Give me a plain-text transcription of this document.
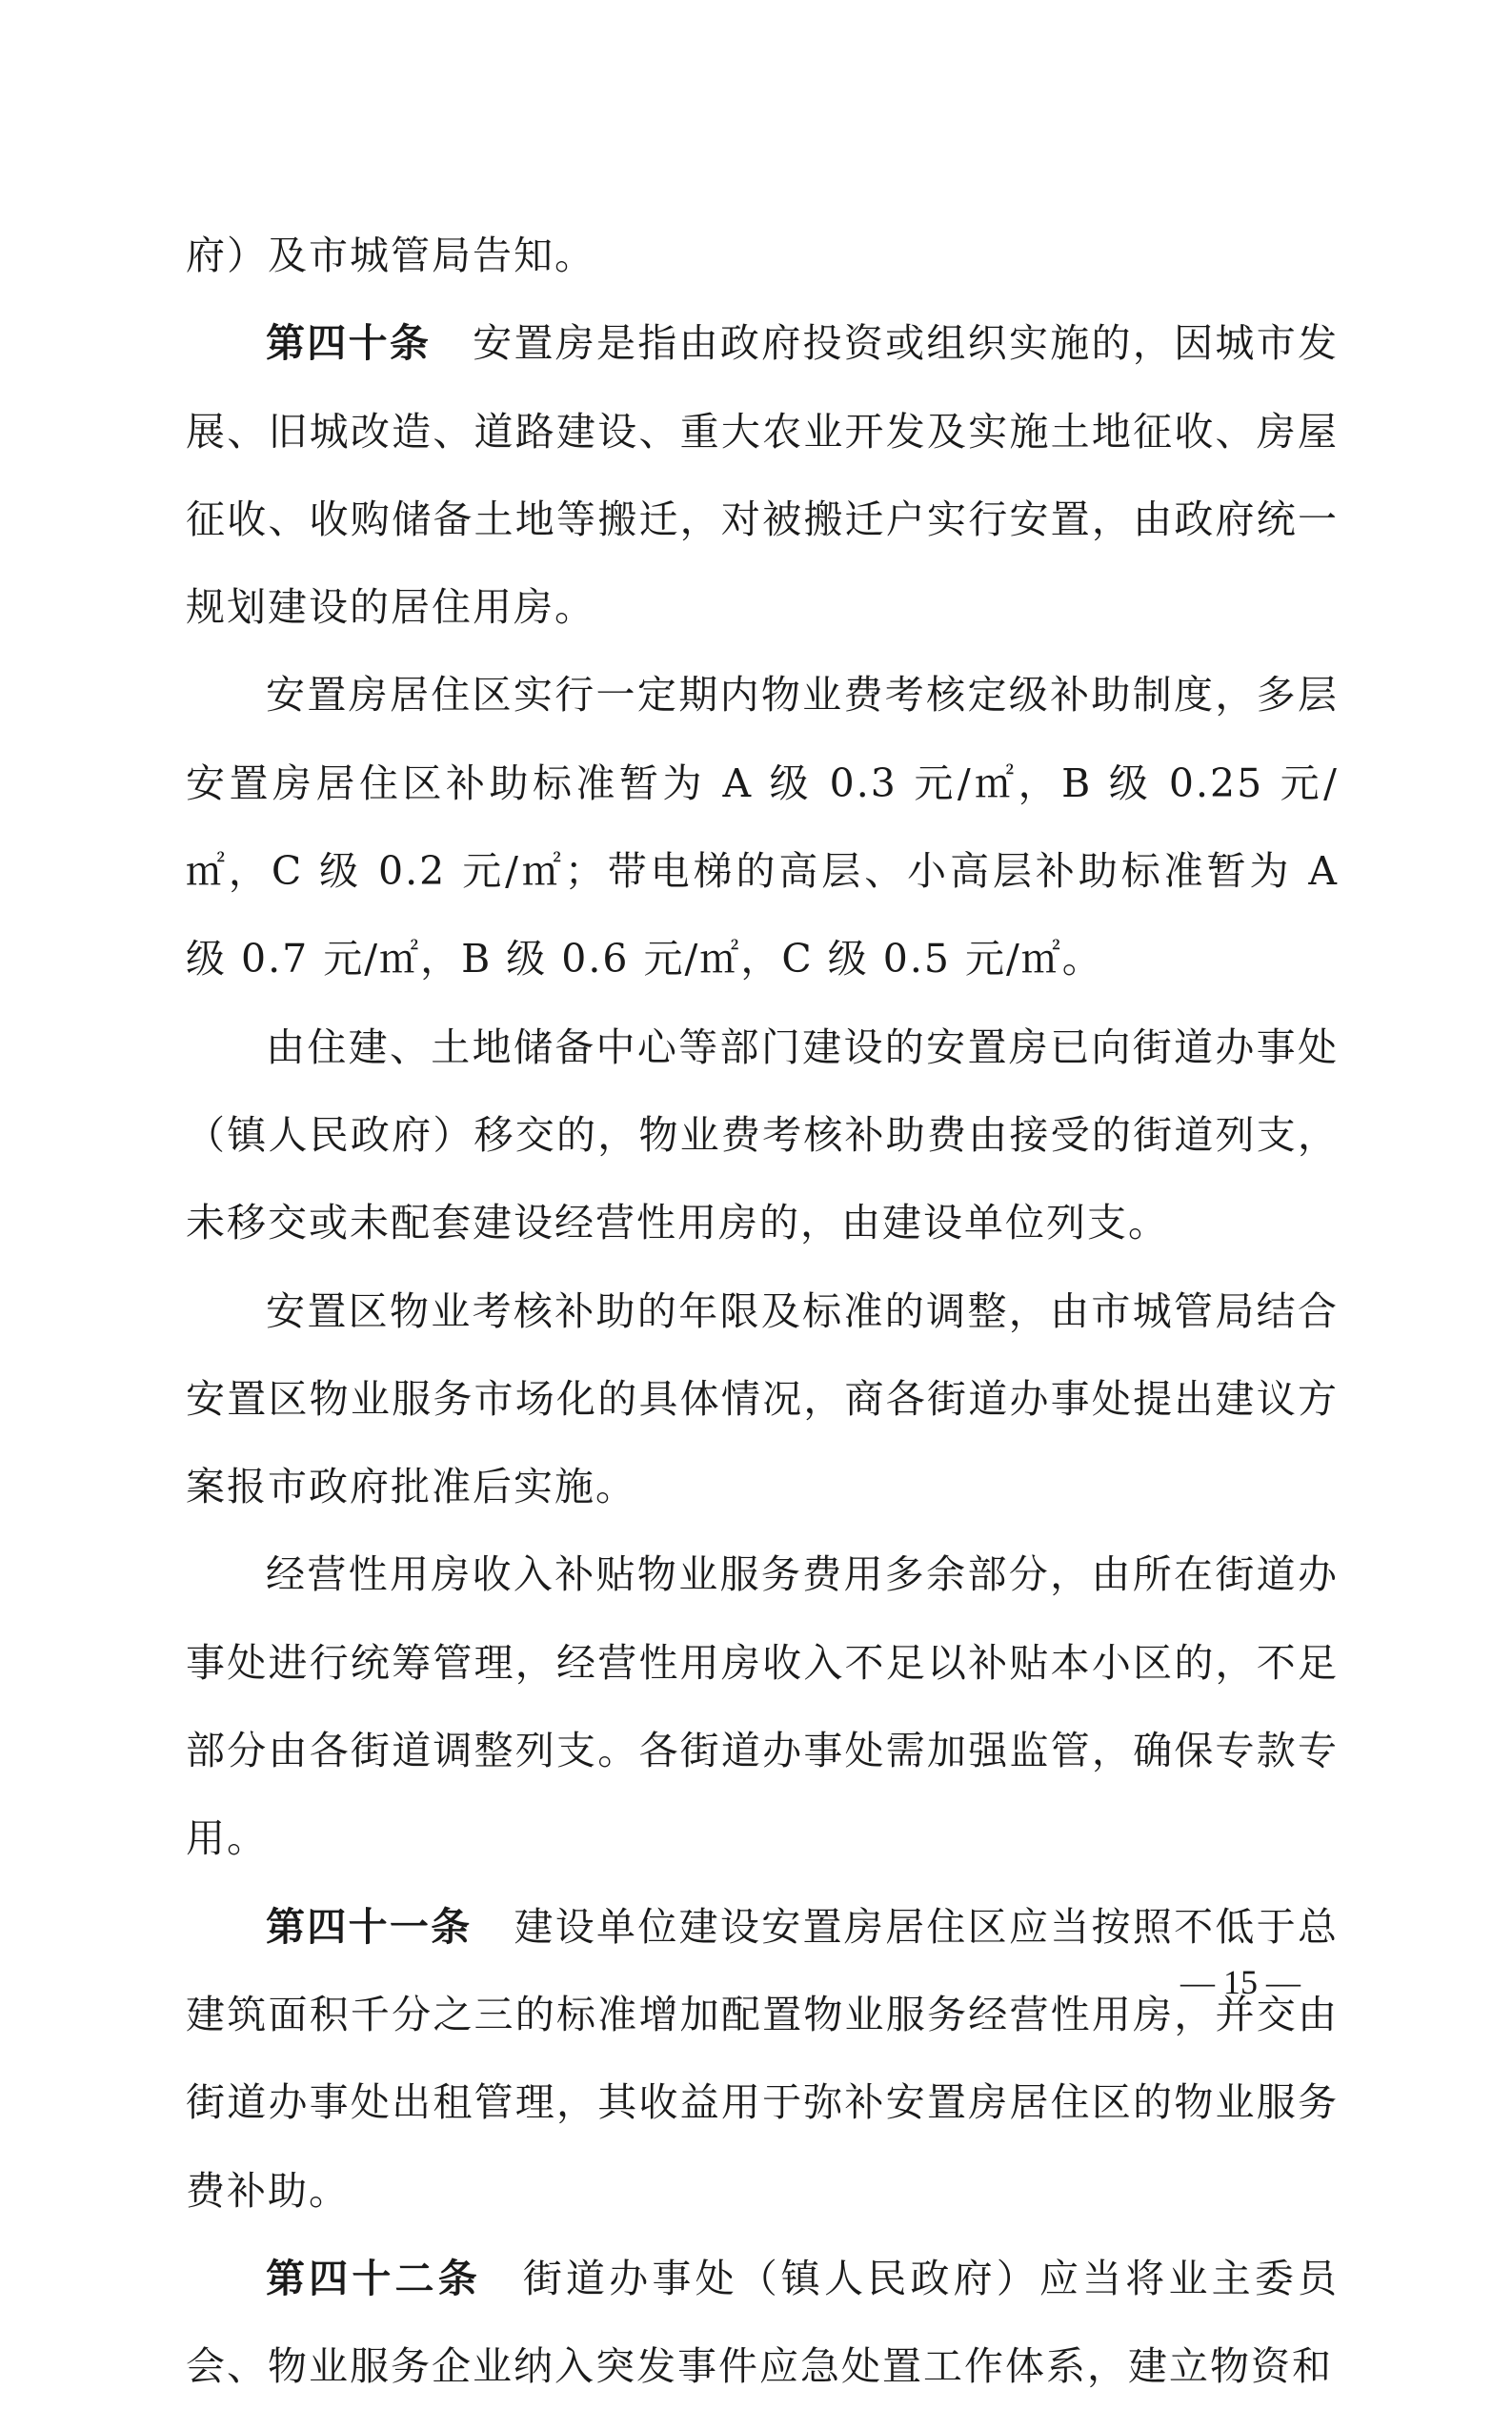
府）及市城管局告知。

第四十条 安置房是指由政府投资或组织实施的，因城市发展、旧城改造、道路建设、重大农业开发及实施土地征收、房屋征收、收购储备土地等搬迁，对被搬迁户实行安置，由政府统一规划建设的居住用房。

安置房居住区实行一定期内物业费考核定级补助制度，多层安置房居住区补助标准暂为 A 级 0.3 元/㎡，B 级 0.25 元/㎡，C 级 0.2 元/㎡；带电梯的高层、小高层补助标准暂为 A 级 0.7 元/㎡，B 级 0.6 元/㎡，C 级 0.5 元/㎡。

由住建、土地储备中心等部门建设的安置房已向街道办事处（镇人民政府）移交的，物业费考核补助费由接受的街道列支，未移交或未配套建设经营性用房的，由建设单位列支。

安置区物业考核补助的年限及标准的调整，由市城管局结合安置区物业服务市场化的具体情况，商各街道办事处提出建议方案报市政府批准后实施。

经营性用房收入补贴物业服务费用多余部分，由所在街道办事处进行统筹管理，经营性用房收入不足以补贴本小区的，不足部分由各街道调整列支。各街道办事处需加强监管，确保专款专用。

第四十一条 建设单位建设安置房居住区应当按照不低于总建筑面积千分之三的标准增加配置物业服务经营性用房，并交由街道办事处出租管理，其收益用于弥补安置房居住区的物业服务费补助。

第四十二条 街道办事处（镇人民政府）应当将业主委员会、物业服务企业纳入突发事件应急处置工作体系，建立物资和

— 15 —
